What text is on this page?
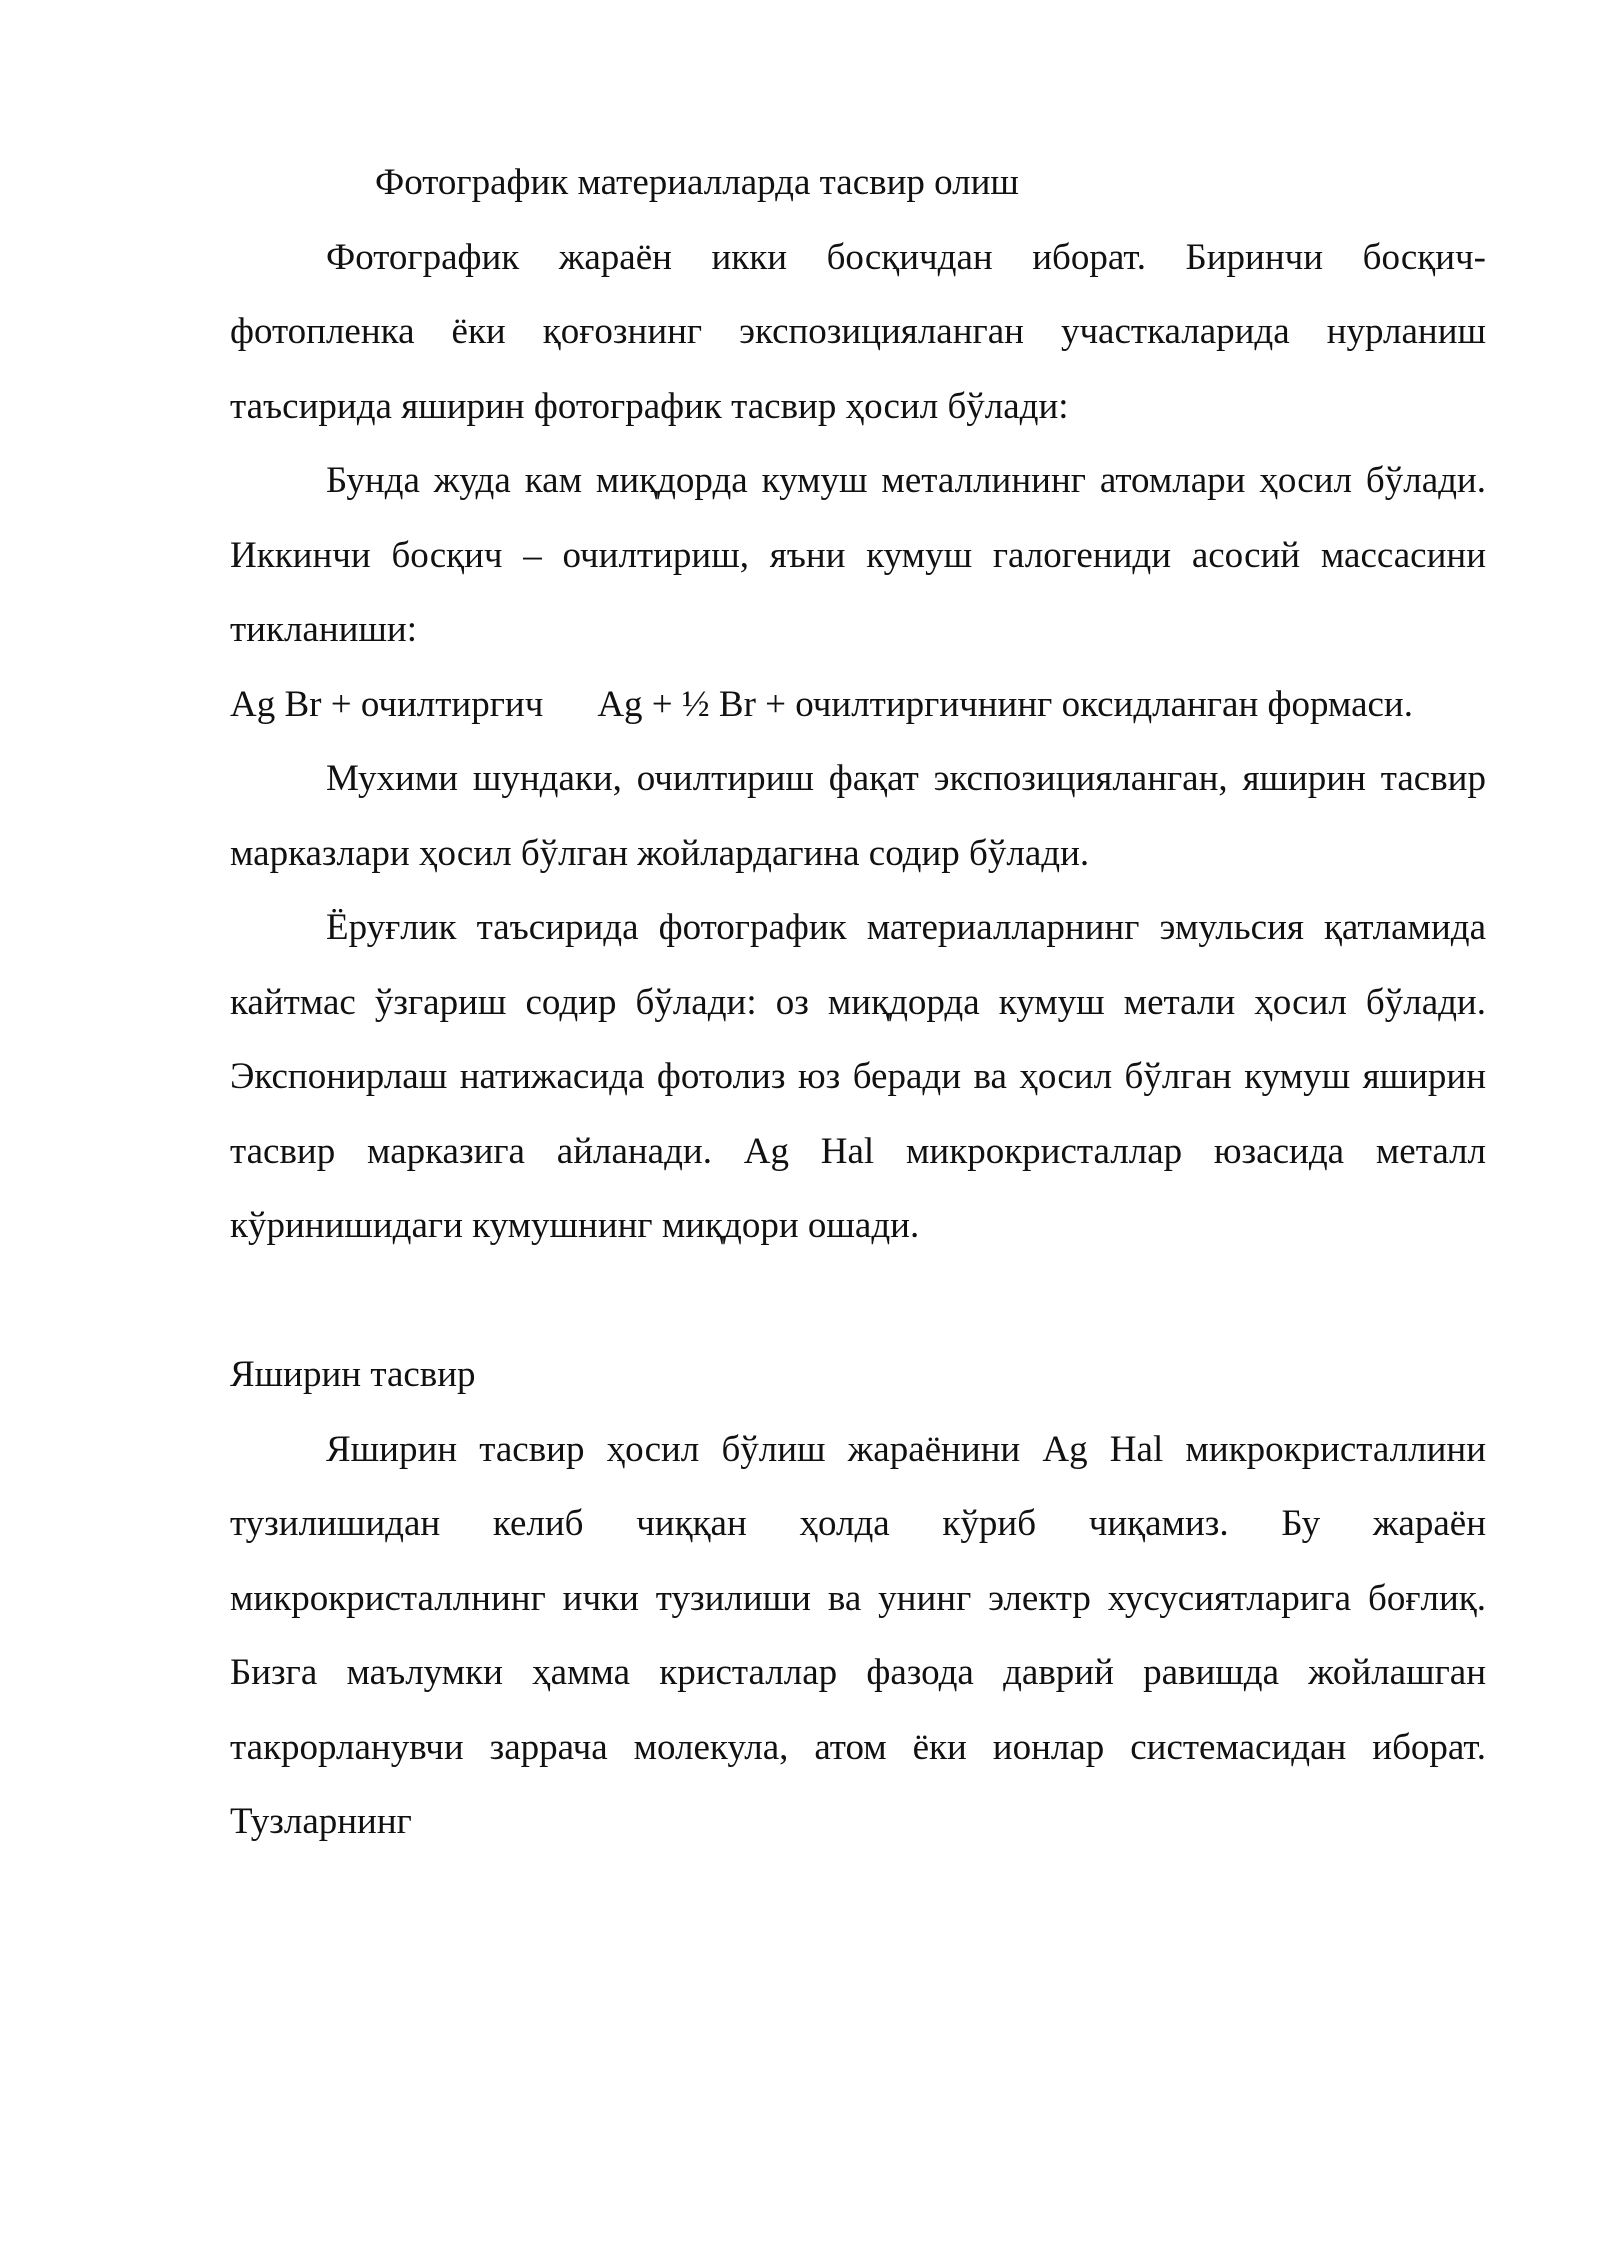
Фотографик материалларда тасвир олиш

Фотографик жараён икки босқичдан иборат. Биринчи босқич- фотопленка ёки қоғознинг экспозицияланган участкаларида нурланиш таъсирида яширин фотографик тасвир ҳосил бўлади:

Бунда жуда кам миқдорда кумуш металлининг атомлари ҳосил бўлади. Иккинчи босқич – очилтириш, яъни кумуш галогениди асосий массасини тикланиши:

Ag Br + очилтиргич Ag + ½ Br + очилтиргичнинг оксидланган формаси.

Мухими шундаки, очилтириш фақат экспозицияланган, яширин тасвир марказлари ҳосил бўлган жойлардагина содир бўлади.

Ёруғлик таъсирида фотографик материалларнинг эмульсия қатламида кайтмас ўзгариш содир бўлади: оз миқдорда кумуш метали ҳосил бўлади. Экспонирлаш натижасида фотолиз юз беради ва ҳосил бўлган кумуш яширин тасвир марказига айланади. Ag Hal микрокристаллар юзасида металл кўринишидаги кумушнинг миқдори ошади.

Яширин тасвир

Яширин тасвир ҳосил бўлиш жараёнини Ag Hal микрокристаллини тузилишидан келиб чиққан ҳолда кўриб чиқамиз. Бу жараён микрокристаллнинг ички тузилиши ва унинг электр хусусиятларига боғлиқ. Бизга маълумки ҳамма кристаллар фазода даврий равишда жойлашган такрорланувчи заррача молекула, атом ёки ионлар системасидан иборат. Тузларнинг
